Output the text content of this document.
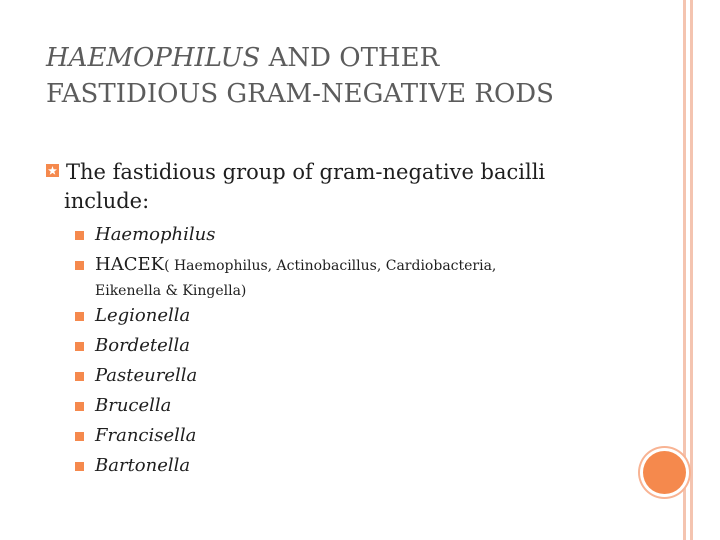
HAEMOPHILUS AND OTHER
FASTIDIOUS GRAM-NEGATIVE RODS
The fastidious group of gram-negative bacilli
include:
Haemophilus
HACEK( Haemophilus, Actinobacillus, Cardiobacteria,
Eikenella & Kingella)
Legionella
Bordetella
Pasteurella
Brucella
Francisella
Bartonella
